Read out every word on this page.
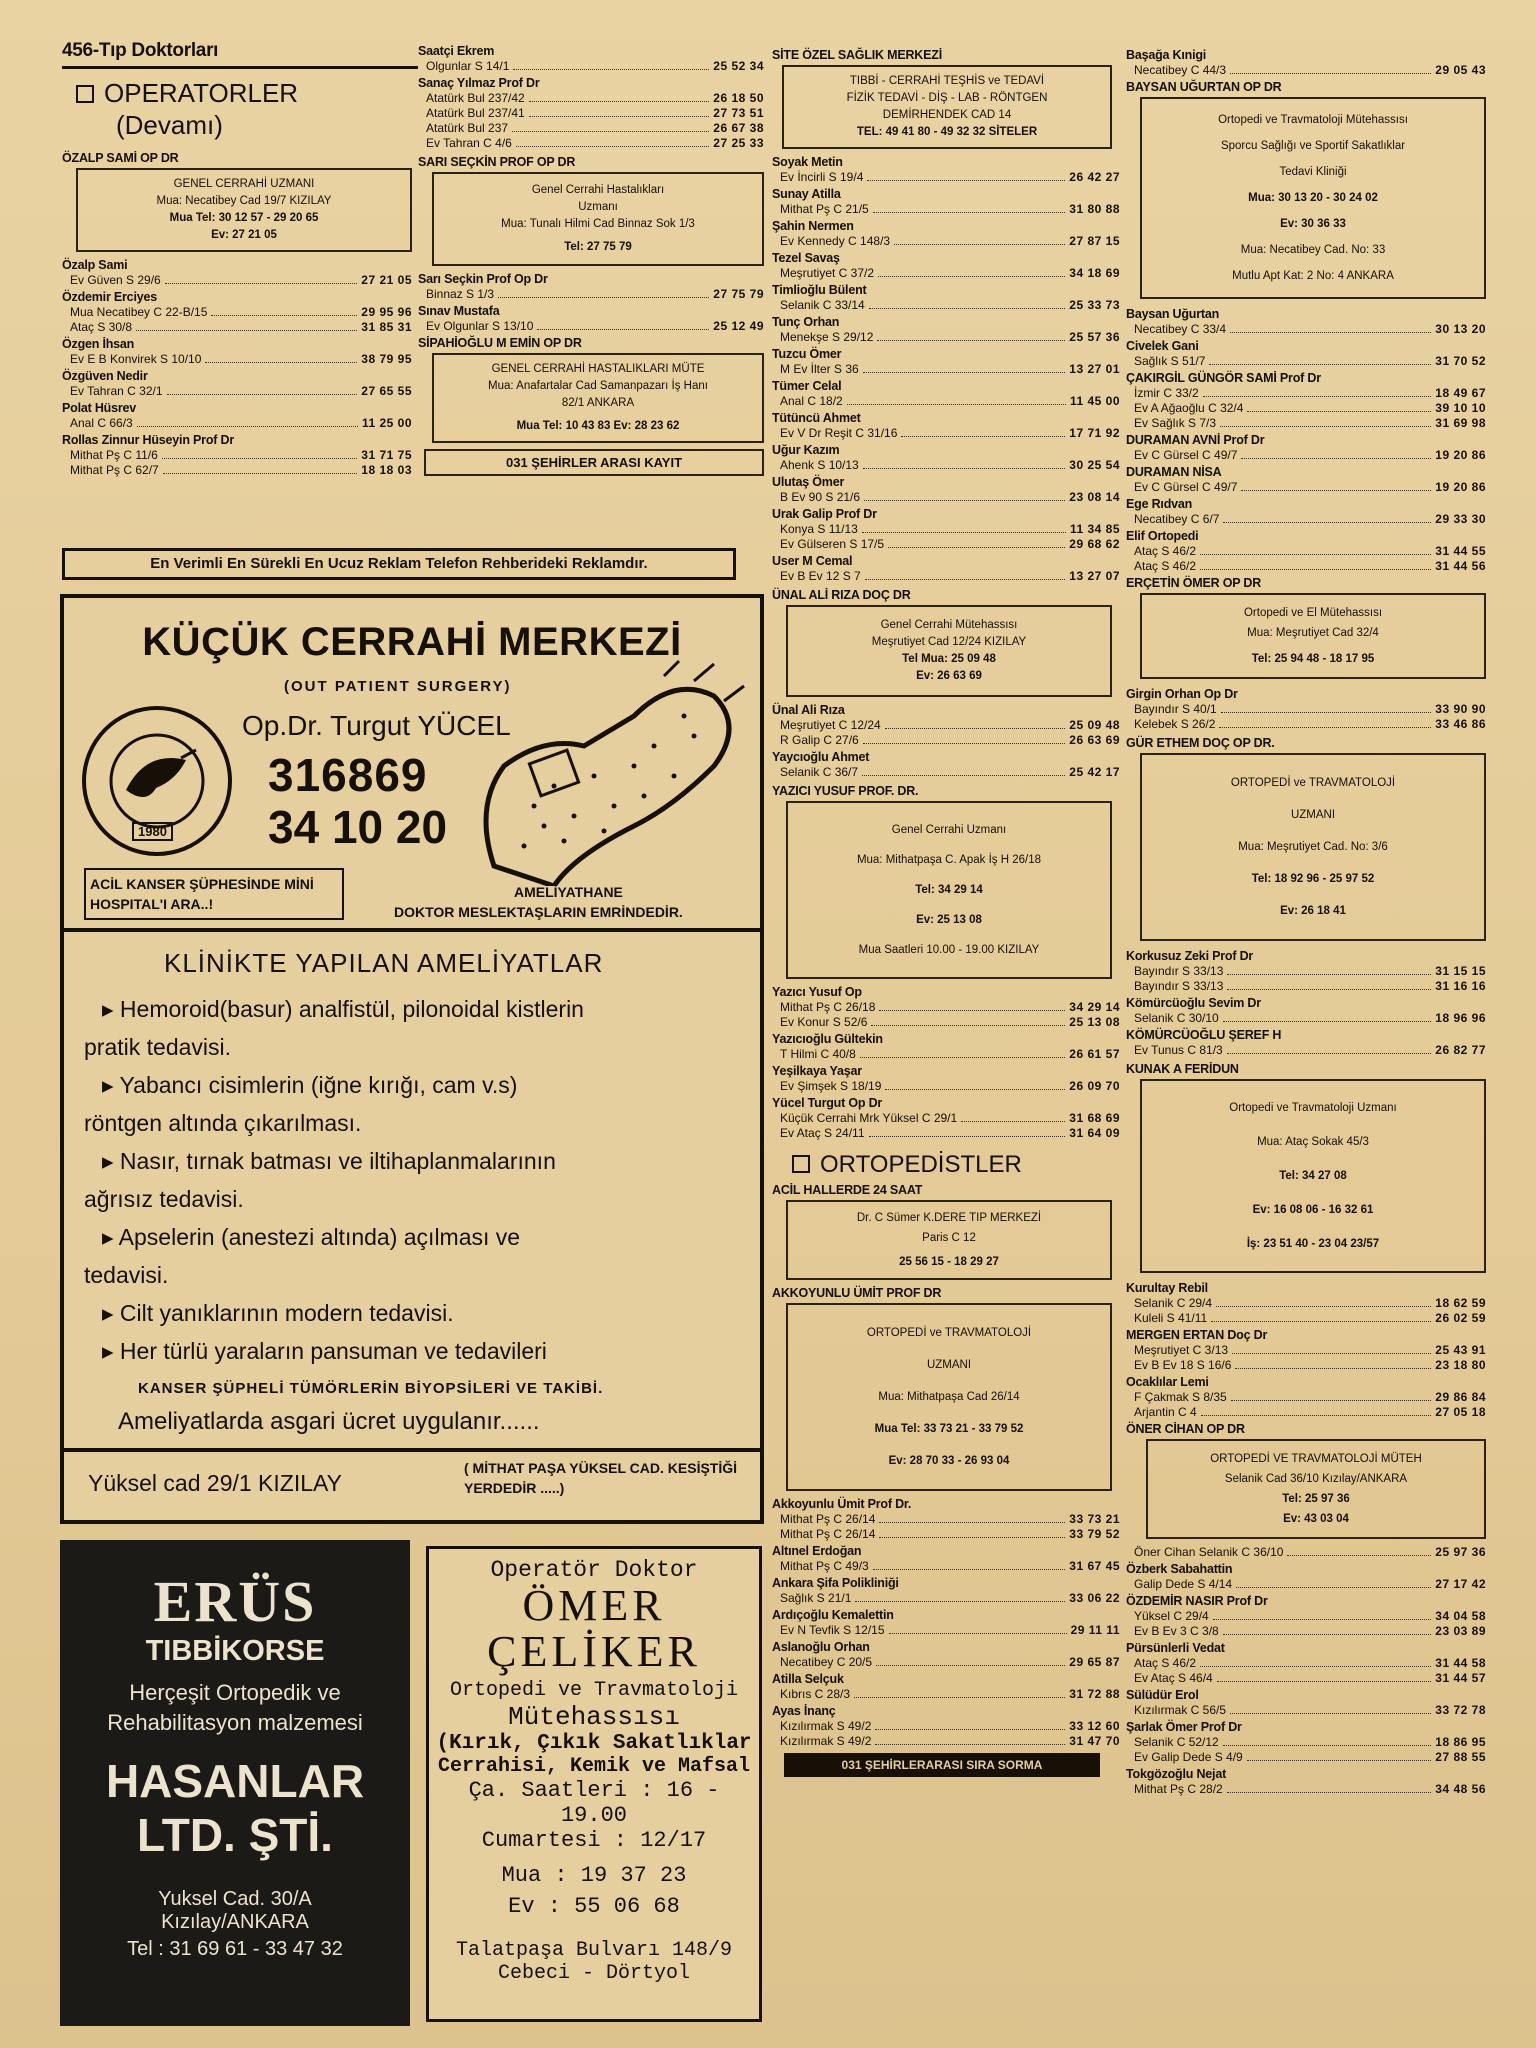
456-Tıp Doktorları
OPERATORLER
(Devamı)
ÖZALP SAMİ OP DR
GENEL CERRAHİ UZMANI
Mua: Necatibey Cad 19/7 KIZILAY
Mua Tel: 30 12 57 - 29 20 65
Ev: 27 21 05
Özalp Sami
Ev Güven S 29/6	27 21 05
Özdemir Erciyes
Mua Necatibey C 22-B/15	29 95 96
Ataç S 30/8	31 85 31
Özgen İhsan
Ev E B Konvirek S 10/10	38 79 95
Özgüven Nedir
Ev Tahran C 32/1	27 65 55
Polat Hüsrev
Anal C 66/3	11 25 00
Rollas Zinnur Hüseyin Prof Dr
Mithat Pş C 11/6	31 71 75
Mithat Pş C 62/7	18 18 03
Saatçi Ekrem
Olgunlar S 14/1	25 52 34
Sanaç Yılmaz Prof Dr
Atatürk Bul 237/42	26 18 50
Atatürk Bul 237/41	27 73 51
Atatürk Bul 237	26 67 38
Ev Tahran C 4/6	27 25 33
SARI SEÇKİN PROF OP DR
Genel Cerrahi Hastalıkları
Uzmanı
Mua: Tunalı Hilmi Cad Binnaz Sok 1/3
Tel: 27 75 79
Sarı Seçkin Prof Op Dr
Binnaz S 1/3	27 75 79
Sınav Mustafa
Ev Olgunlar S 13/10	25 12 49
SİPAHİOĞLU M EMİN OP DR
GENEL CERRAHİ HASTALIKLARI MÜTE
Mua: Anafartalar Cad Samanpazarı İş Hanı
82/1 ANKARA
Mua Tel: 10 43 83 Ev: 28 23 62
031 ŞEHİRLER ARASI KAYIT
En Verimli En Sürekli En Ucuz Reklam Telefon Rehberideki Reklamdır.
KÜÇÜK CERRAHİ MERKEZİ
(OUT PATIENT SURGERY)
1980
Op.Dr. Turgut YÜCEL
316869
34 10 20
ACİL KANSER ŞÜPHESİNDE MİNİ HOSPITAL'I ARA..!
AMELİYATHANE
DOKTOR MESLEKTAŞLARIN EMRİNDEDİR.
KLİNİKTE YAPILAN AMELİYATLAR
▸ Hemoroid(basur) analfistül, pilonoidal kistlerin
pratik tedavisi.
▸ Yabancı cisimlerin (iğne kırığı, cam v.s)
röntgen altında çıkarılması.
▸ Nasır, tırnak batması ve iltihaplanmalarının
ağrısız tedavisi.
▸ Apselerin (anestezi altında) açılması ve
tedavisi.
▸ Cilt yanıklarının modern tedavisi.
▸ Her türlü yaraların pansuman ve tedavileri
KANSER ŞÜPHELİ TÜMÖRLERİN BİYOPSİLERİ VE TAKİBİ.
Ameliyatlarda asgari ücret uygulanır......
Yüksel cad 29/1 KIZILAY
( MİTHAT PAŞA YÜKSEL CAD. KESİŞTİĞİ YERDEDİR .....)
ERÜS
TIBBİKORSE
Herçeşit Ortopedik ve Rehabilitasyon malzemesi
HASANLAR
LTD. ŞTİ.
Yuksel Cad. 30/A
Kızılay/ANKARA
Tel : 31 69 61 - 33 47 32
Operatör Doktor
ÖMER
ÇELİKER
Ortopedi ve Travmatoloji
Mütehassısı
(Kırık, Çıkık Sakatlıklar
Cerrahisi, Kemik ve Mafsal
Ça. Saatleri : 16 - 19.00
Cumartesi : 12/17
Mua : 19 37 23
Ev : 55 06 68
Talatpaşa Bulvarı 148/9
Cebeci - Dörtyol
SİTE ÖZEL SAĞLIK MERKEZİ
TIBBİ - CERRAHİ TEŞHİS ve TEDAVİ
FİZİK TEDAVİ - DİŞ - LAB - RÖNTGEN
DEMİRHENDEK CAD 14
TEL: 49 41 80 - 49 32 32 SİTELER
Soyak Metin
Ev İncirli S 19/4	26 42 27
Sunay Atilla
Mithat Pş C 21/5	31 80 88
Şahin Nermen
Ev Kennedy C 148/3	27 87 15
Tezel Savaş
Meşrutiyet C 37/2	34 18 69
Timlioğlu Bülent
Selanik C 33/14	25 33 73
Tunç Orhan
Menekşe S 29/12	25 57 36
Tuzcu Ömer
M Ev İlter S 36	13 27 01
Tümer Celal
Anal C 18/2	11 45 00
Tütüncü Ahmet
Ev V Dr Reşit C 31/16	17 71 92
Uğur Kazım
Ahenk S 10/13	30 25 54
Ulutaş Ömer
B Ev 90 S 21/6	23 08 14
Urak Galip Prof Dr
Konya S 11/13	11 34 85
Ev Gülseren S 17/5	29 68 62
User M Cemal
Ev B Ev 12 S 7	13 27 07
ÜNAL ALİ RIZA DOÇ DR
Genel Cerrahi Mütehassısı
Meşrutiyet Cad 12/24 KIZILAY
Tel Mua: 25 09 48
Ev: 26 63 69
Ünal Ali Rıza
Meşrutiyet C 12/24	25 09 48
R Galip C 27/6	26 63 69
Yaycıoğlu Ahmet
Selanik C 36/7	25 42 17
YAZICI YUSUF PROF. DR.
Genel Cerrahi Uzmanı
Mua: Mithatpaşa C. Apak İş H 26/18
Tel: 34 29 14
Ev: 25 13 08
Mua Saatleri 10.00 - 19.00 KIZILAY
Yazıcı Yusuf Op
Mithat Pş C 26/18	34 29 14
Ev Konur S 52/6	25 13 08
Yazıcıoğlu Gültekin
T Hilmi C 40/8	26 61 57
Yeşilkaya Yaşar
Ev Şimşek S 18/19	26 09 70
Yücel Turgut Op Dr
Küçük Cerrahi Mrk Yüksel C 29/1	31 68 69
Ev Ataç S 24/11	31 64 09
ORTOPEDİSTLER
ACİL HALLERDE 24 SAAT
Dr. C Sümer K.DERE TIP MERKEZİ
Paris C 12
25 56 15 - 18 29 27
AKKOYUNLU ÜMİT PROF DR
ORTOPEDİ ve TRAVMATOLOJİ
UZMANI
Mua: Mithatpaşa Cad 26/14
Mua Tel: 33 73 21 - 33 79 52
Ev: 28 70 33 - 26 93 04
Akkoyunlu Ümit Prof Dr.
Mithat Pş C 26/14	33 73 21
Mithat Pş C 26/14	33 79 52
Altınel Erdoğan
Mithat Pş C 49/3	31 67 45
Ankara Şifa Polikliniği
Sağlık S 21/1	33 06 22
Ardıçoğlu Kemalettin
Ev N Tevfik S 12/15	29 11 11
Aslanoğlu Orhan
Necatibey C 20/5	29 65 87
Atilla Selçuk
Kıbrıs C 28/3	31 72 88
Ayas İnanç
Kızılırmak S 49/2	33 12 60
Kızılırmak S 49/2	31 47 70
031 ŞEHİRLERARASI SIRA SORMA
Başağa Kınigi
Necatibey C 44/3	29 05 43
BAYSAN UĞURTAN OP DR
Ortopedi ve Travmatoloji Mütehassısı
Sporcu Sağlığı ve Sportif Sakatlıklar
Tedavi Kliniği
Mua: 30 13 20 - 30 24 02
Ev: 30 36 33
Mua: Necatibey Cad. No: 33
Mutlu Apt Kat: 2 No: 4 ANKARA
Baysan Uğurtan
Necatibey C 33/4	30 13 20
Civelek Gani
Sağlık S 51/7	31 70 52
ÇAKIRGİL GÜNGÖR SAMİ Prof Dr
İzmir C 33/2	18 49 67
Ev A Ağaoğlu C 32/4	39 10 10
Ev Sağlık S 7/3	31 69 98
DURAMAN AVNİ Prof Dr
Ev C Gürsel C 49/7	19 20 86
DURAMAN NİSA
Ev C Gürsel C 49/7	19 20 86
Ege Rıdvan
Necatibey C 6/7	29 33 30
Elif Ortopedi
Ataç S 46/2	31 44 55
Ataç S 46/2	31 44 56
ERÇETİN ÖMER OP DR
Ortopedi ve El Mütehassısı
Mua: Meşrutiyet Cad 32/4
Tel: 25 94 48 - 18 17 95
Girgin Orhan Op Dr
Bayındır S 40/1	33 90 90
Kelebek S 26/2	33 46 86
GÜR ETHEM DOÇ OP DR.
ORTOPEDİ ve TRAVMATOLOJİ
UZMANI
Mua: Meşrutiyet Cad. No: 3/6
Tel: 18 92 96 - 25 97 52
Ev: 26 18 41
Korkusuz Zeki Prof Dr
Bayındır S 33/13	31 15 15
Bayındır S 33/13	31 16 16
Kömürcüoğlu Sevim Dr
Selanik C 30/10	18 96 96
KÖMÜRCÜOĞLU ŞEREF H
Ev Tunus C 81/3	26 82 77
KUNAK A FERİDUN
Ortopedi ve Travmatoloji Uzmanı
Mua: Ataç Sokak 45/3
Tel: 34 27 08
Ev: 16 08 06 - 16 32 61
İş: 23 51 40 - 23 04 23/57
Kurultay Rebil
Selanik C 29/4	18 62 59
Kuleli S 41/11	26 02 59
MERGEN ERTAN Doç Dr
Meşrutiyet C 3/13	25 43 91
Ev B Ev 18 S 16/6	23 18 80
Ocaklılar Lemi
F Çakmak S 8/35	29 86 84
Arjantin C 4	27 05 18
ÖNER CİHAN OP DR
ORTOPEDİ VE TRAVMATOLOJİ MÜTEH
Selanik Cad 36/10 Kızılay/ANKARA
Tel: 25 97 36
Ev: 43 03 04
Öner Cihan Selanik C 36/10	25 97 36
Özberk Sabahattin
Galip Dede S 4/14	27 17 42
ÖZDEMİR NASIR Prof Dr
Yüksel C 29/4	34 04 58
Ev B Ev 3 C 3/8	23 03 89
Pürsünlerli Vedat
Ataç S 46/2	31 44 58
Ev Ataç S 46/4	31 44 57
Sülüdür Erol
Kızılırmak C 56/5	33 72 78
Şarlak Ömer Prof Dr
Selanik C 52/12	18 86 95
Ev Galip Dede S 4/9	27 88 55
Tokgözoğlu Nejat
Mithat Pş C 28/2	34 48 56
